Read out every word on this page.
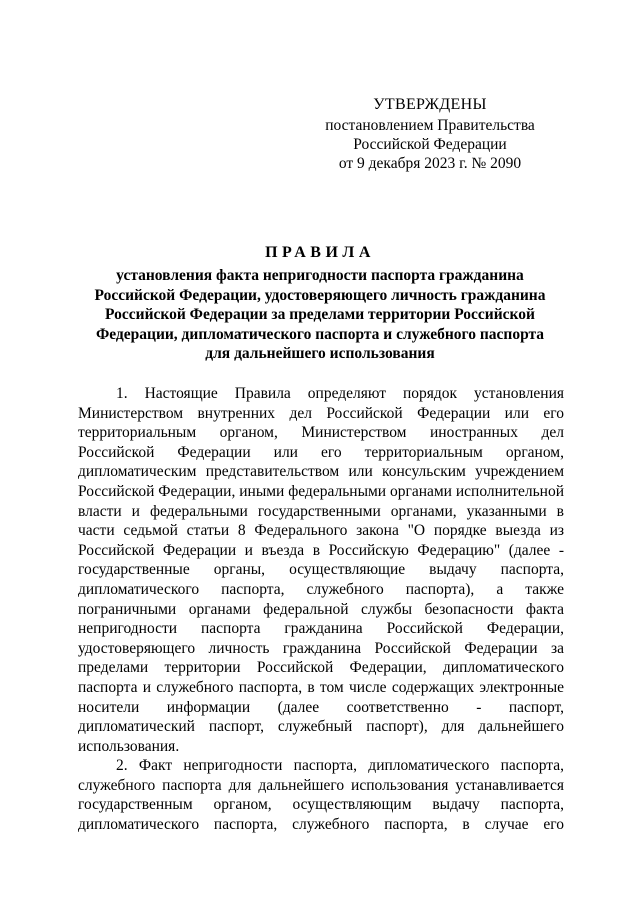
УТВЕРЖДЕНЫ
постановлением Правительства
Российской Федерации
от 9 декабря 2023 г. № 2090
ПРАВИЛА
установления факта непригодности паспорта гражданина
Российской Федерации, удостоверяющего личность гражданина
Российской Федерации за пределами территории Российской
Федерации, дипломатического паспорта и служебного паспорта
для дальнейшего использования

1. Настоящие Правила определяют порядок установления Министерством внутренних дел Российской Федерации или его территориальным органом, Министерством иностранных дел Российской Федерации или его территориальным органом, дипломатическим представительством или консульским учреждением Российской Федерации, иными федеральными органами исполнительной власти и федеральными государственными органами, указанными в части седьмой статьи 8 Федерального закона "О порядке выезда из Российской Федерации и въезда в Российскую Федерацию" (далее - государственные органы, осуществляющие выдачу паспорта, дипломатического паспорта, служебного паспорта), а также пограничными органами федеральной службы безопасности факта непригодности паспорта гражданина Российской Федерации, удостоверяющего личность гражданина Российской Федерации за пределами территории Российской Федерации, дипломатического паспорта и служебного паспорта, в том числе содержащих электронные носители информации (далее соответственно - паспорт, дипломатический паспорт, служебный паспорт), для дальнейшего использования.

2. Факт непригодности паспорта, дипломатического паспорта, служебного паспорта для дальнейшего использования устанавливается государственным органом, осуществляющим выдачу паспорта, дипломатического паспорта, служебного паспорта, в случае его
